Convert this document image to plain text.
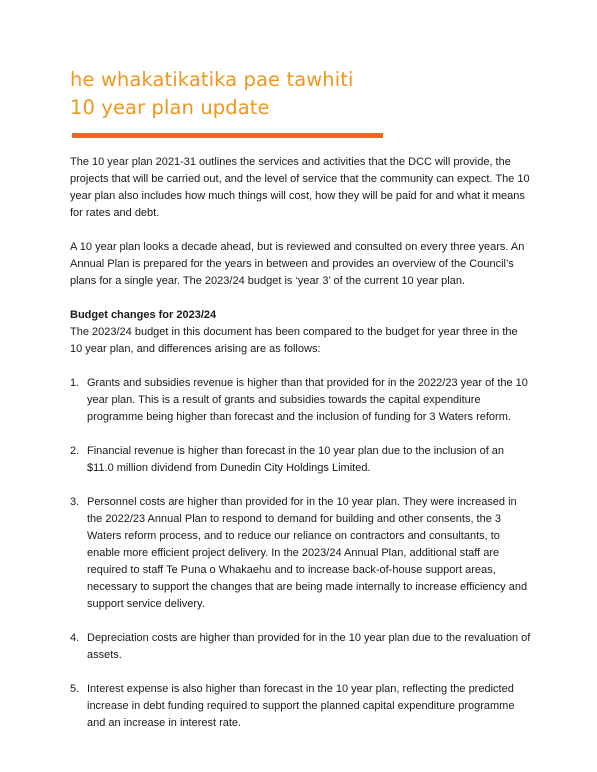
he whakatikatika pae tawhiti
10 year plan update

The 10 year plan 2021-31 outlines the services and activities that the DCC will provide, the projects that will be carried out, and the level of service that the community can expect. The 10 year plan also includes how much things will cost, how they will be paid for and what it means for rates and debt.

A 10 year plan looks a decade ahead, but is reviewed and consulted on every three years. An Annual Plan is prepared for the years in between and provides an overview of the Council’s plans for a single year. The 2023/24 budget is ‘year 3’ of the current 10 year plan.

Budget changes for 2023/24

The 2023/24 budget in this document has been compared to the budget for year three in the 10 year plan, and differences arising are as follows:

1. Grants and subsidies revenue is higher than that provided for in the 2022/23 year of the 10 year plan. This is a result of grants and subsidies towards the capital expenditure programme being higher than forecast and the inclusion of funding for 3 Waters reform.
2. Financial revenue is higher than forecast in the 10 year plan due to the inclusion of an $11.0 million dividend from Dunedin City Holdings Limited.
3. Personnel costs are higher than provided for in the 10 year plan. They were increased in the 2022/23 Annual Plan to respond to demand for building and other consents, the 3 Waters reform process, and to reduce our reliance on contractors and consultants, to enable more efficient project delivery. In the 2023/24 Annual Plan, additional staff are required to staff Te Puna o Whakaehu and to increase back-of-house support areas, necessary to support the changes that are being made internally to increase efficiency and support service delivery.
4. Depreciation costs are higher than provided for in the 10 year plan due to the revaluation of assets.
5. Interest expense is also higher than forecast in the 10 year plan, reflecting the predicted increase in debt funding required to support the planned capital expenditure programme and an increase in interest rate.
